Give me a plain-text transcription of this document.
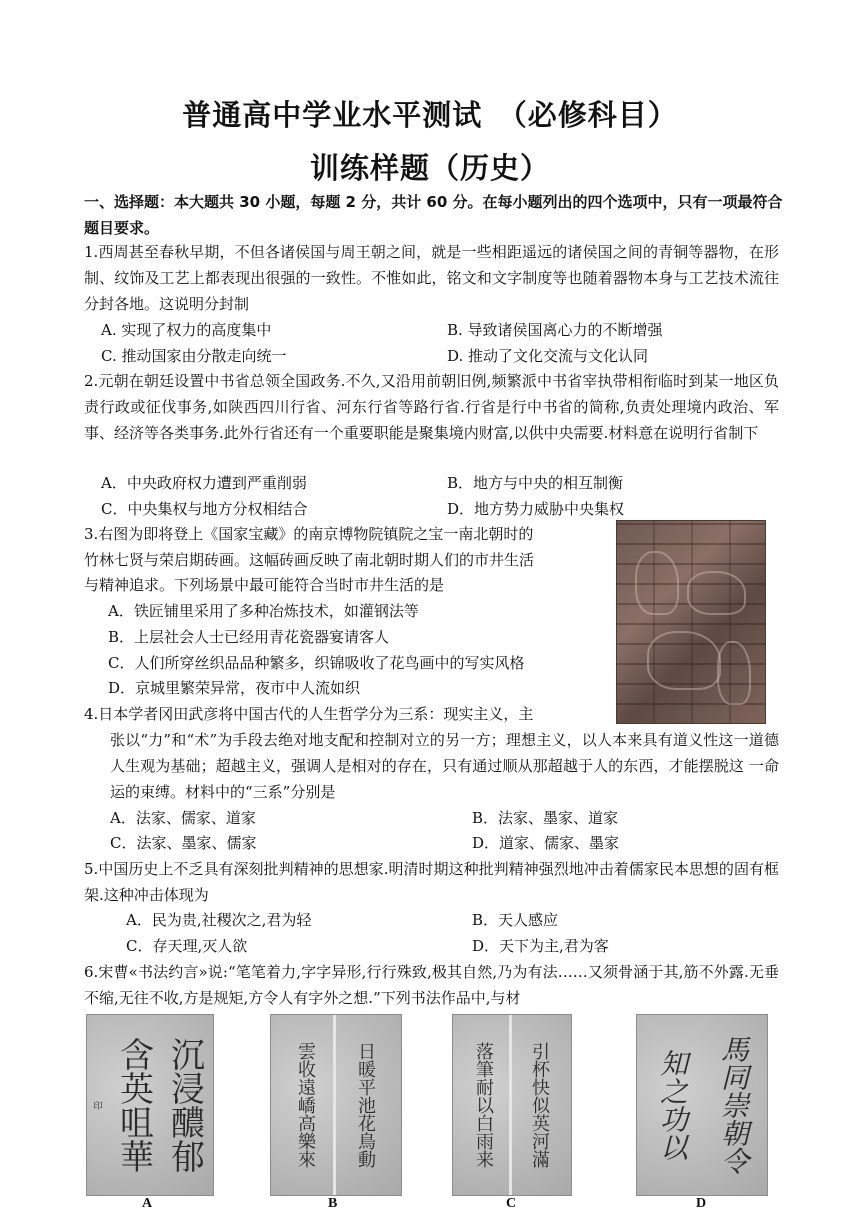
普通高中学业水平测试　（必修科目）
训练样题（历史）
一、选择题：本大题共 30 小题，每题 2 分，共计 60 分。在每小题列出的四个选项中，只有一项最符合题目要求。

1.西周甚至春秋早期，不但各诸侯国与周王朝之间，就是一些相距遥远的诸侯国之间的青铜等器物，在形制、纹饰及工艺上都表现出很强的一致性。不惟如此，铭文和文字制度等也随着器物本身与工艺技术流往分封各地。这说明分封制

A. 实现了权力的高度集中	B. 导致诸侯国离心力的不断增强
C. 推动国家由分散走向统一	D. 推动了文化交流与文化认同

2.元朝在朝廷设置中书省总领全国政务.不久,又沿用前朝旧例,频繁派中书省宰执带相衔临时到某一地区负责行政或征伐事务,如陕西四川行省、河东行省等路行省.行省是行中书省的简称,负责处理境内政治、军事、经济等各类事务.此外行省还有一个重要职能是聚集境内财富,以供中央需要.材料意在说明行省制下

A．中央政府权力遭到严重削弱	B．地方与中央的相互制衡
C．中央集权与地方分权相结合	D．地方势力威胁中央集权
3.右图为即将登上《国家宝藏》的南京博物院镇院之宝一南北朝时的
竹林七贤与荣启期砖画。这幅砖画反映了南北朝时期人们的市井生活
与精神追求。下列场景中最可能符合当时市井生活的是
A．铁匠铺里采用了多种冶炼技术，如灌钢法等
B．上层社会人士已经用青花瓷器宴请客人
C．人们所穿丝织品品种繁多，织锦吸收了花鸟画中的写实风格
D．京城里繁荣异常，夜市中人流如织
4.日本学者冈田武彦将中国古代的人生哲学分为三系：现实主义，主

张以“力”和“术”为手段去绝对地支配和控制对立的另一方；理想主义，以人本来具有道义性这一道德人生观为基础；超越主义，强调人是相对的存在，只有通过顺从那超越于人的东西，才能摆脱这 一命运的束缚。材料中的“三系”分别是

A．法家、儒家、道家	B．法家、墨家、道家
C．法家、墨家、儒家	D．道家、儒家、墨家

5.中国历史上不乏具有深刻批判精神的思想家.明清时期这种批判精神强烈地冲击着儒家民本思想的固有框架.这种冲击体现为

A．民为贵,社稷次之,君为轻	B．天人感应
C．存天理,灭人欲	D．天下为主,君为客

6.宋曹«书法约言»说:“笔笔着力,字字异形,行行殊致,极其自然,乃为有法……又须骨涵于其,筋不外露.无垂不缩,无往不收,方是规矩,方令人有字外之想.”下列书法作品中,与材

印 含英咀華 沉浸醲郁
A
雲收遠嶠高樂來 日暖平池花鳥動
B
落筆耐以白雨来 引杯快似英河滿
C
知之功以 馬同崇朝令
D
